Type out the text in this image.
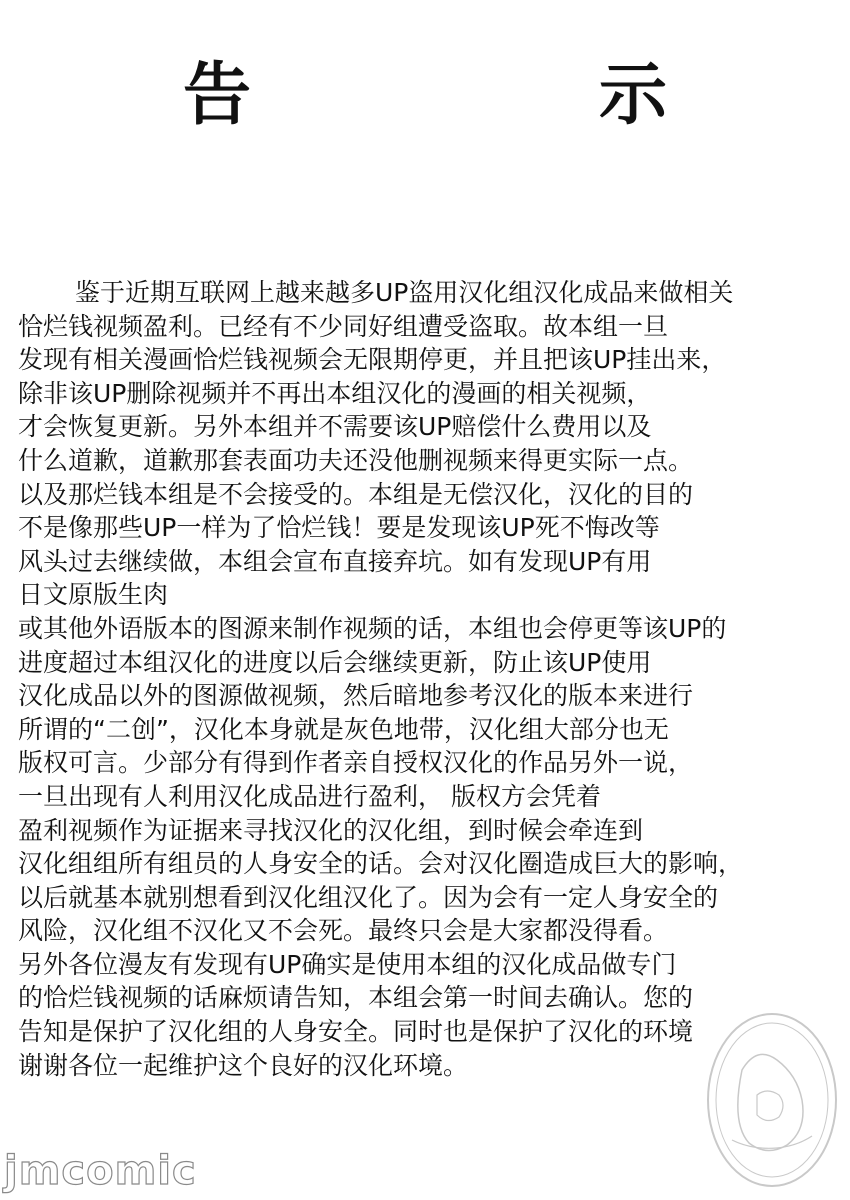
告　示
鉴于近期互联网上越来越多UP盗用汉化组汉化成品来做相关
恰烂钱视频盈利。已经有不少同好组遭受盗取。故本组一旦
发现有相关漫画恰烂钱视频会无限期停更，并且把该UP挂出来，
除非该UP删除视频并不再出本组汉化的漫画的相关视频，
才会恢复更新。另外本组并不需要该UP赔偿什么费用以及
什么道歉，道歉那套表面功夫还没他删视频来得更实际一点。
以及那烂钱本组是不会接受的。本组是无偿汉化，汉化的目的
不是像那些UP一样为了恰烂钱！要是发现该UP死不悔改等
风头过去继续做，本组会宣布直接弃坑。如有发现UP有用
日文原版生肉
或其他外语版本的图源来制作视频的话，本组也会停更等该UP的
进度超过本组汉化的进度以后会继续更新，防止该UP使用
汉化成品以外的图源做视频，然后暗地参考汉化的版本来进行
所谓的“二创”，汉化本身就是灰色地带，汉化组大部分也无
版权可言。少部分有得到作者亲自授权汉化的作品另外一说，
一旦出现有人利用汉化成品进行盈利， 版权方会凭着
盈利视频作为证据来寻找汉化的汉化组，到时候会牵连到
汉化组组所有组员的人身安全的话。会对汉化圈造成巨大的影响，
以后就基本就别想看到汉化组汉化了。因为会有一定人身安全的
风险，汉化组不汉化又不会死。最终只会是大家都没得看。
另外各位漫友有发现有UP确实是使用本组的汉化成品做专门
的恰烂钱视频的话麻烦请告知，本组会第一时间去确认。您的
告知是保护了汉化组的人身安全。同时也是保护了汉化的环境
谢谢各位一起维护这个良好的汉化环境。
jmcomic
